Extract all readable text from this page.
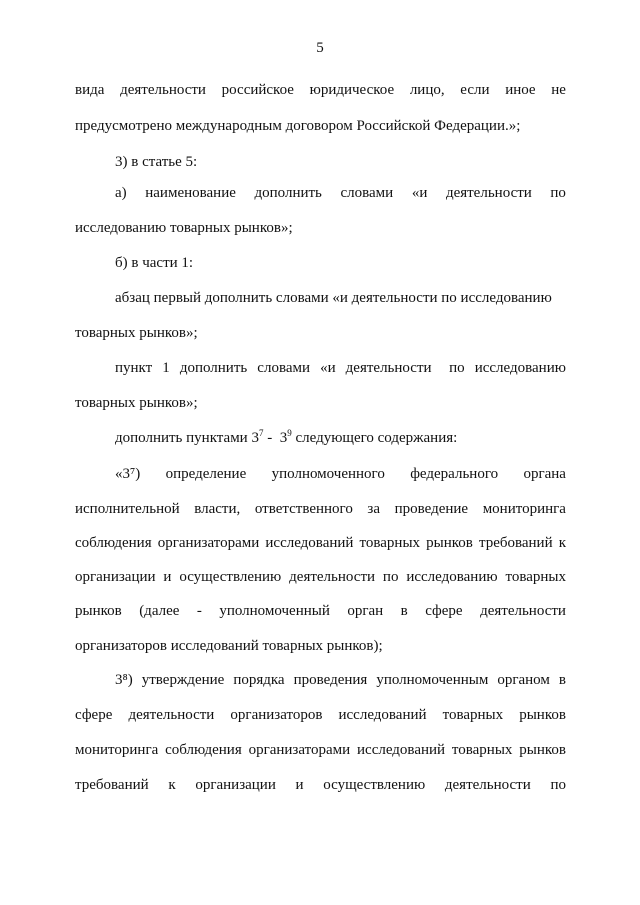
5
вида деятельности российское юридическое лицо, если иное не
предусмотрено международным договором Российской Федерации.»;
3) в статье 5:
а) наименование дополнить словами «и деятельности по
исследованию товарных рынков»;
б) в части 1:
абзац первый дополнить словами «и деятельности по исследованию
товарных рынков»;
пункт 1 дополнить словами «и деятельности по исследованию
товарных рынков»;
дополнить пунктами $3^7 - 3^9$ следующего содержания:
«3⁷) определение уполномоченного федерального органа
исполнительной власти, ответственного за проведение мониторинга
соблюдения организаторами исследований товарных рынков требований к
организации и осуществлению деятельности по исследованию товарных
рынков (далее - уполномоченный орган в сфере деятельности
организаторов исследований товарных рынков);
3⁸) утверждение порядка проведения уполномоченным органом в
сфере деятельности организаторов исследований товарных рынков
мониторинга соблюдения организаторами исследований товарных рынков
требований к организации и осуществлению деятельности по
